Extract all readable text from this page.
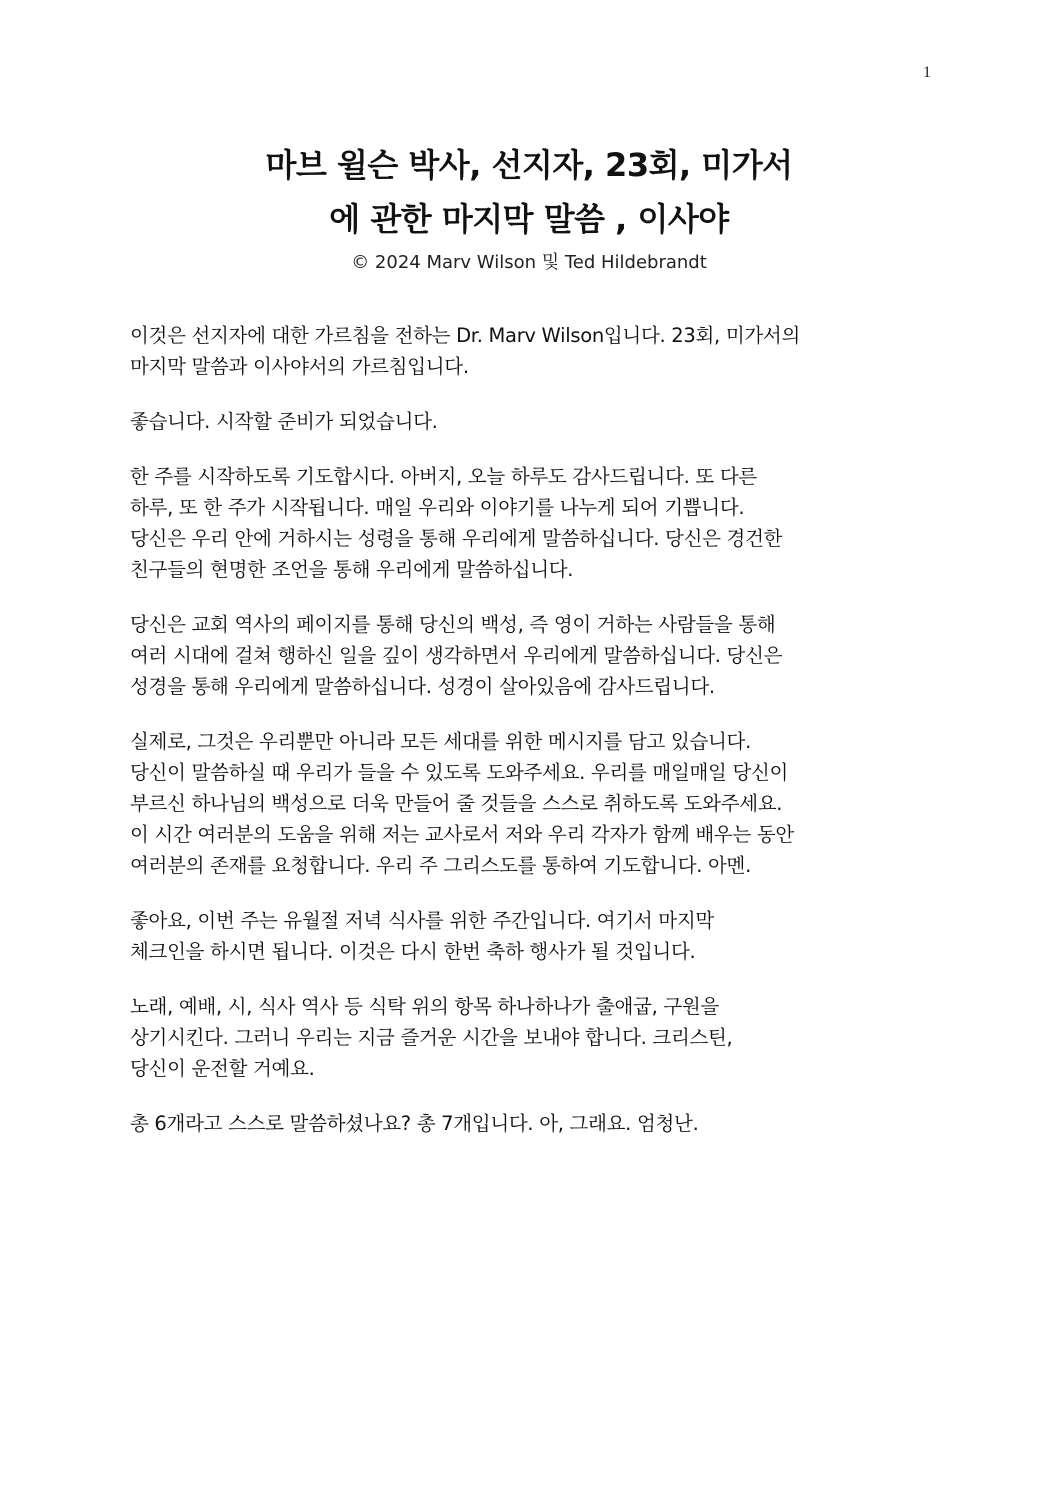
1
마브 윌슨 박사, 선지자, 23회, 미가서
에 관한 마지막 말씀 , 이사야
© 2024 Marv Wilson 및 Ted Hildebrandt

이것은 선지자에 대한 가르침을 전하는 Dr. Marv Wilson입니다. 23회, 미가서의
마지막 말씀과 이사야서의 가르침입니다.

좋습니다. 시작할 준비가 되었습니다.

한 주를 시작하도록 기도합시다. 아버지, 오늘 하루도 감사드립니다. 또 다른
하루, 또 한 주가 시작됩니다. 매일 우리와 이야기를 나누게 되어 기쁩니다.
당신은 우리 안에 거하시는 성령을 통해 우리에게 말씀하십니다. 당신은 경건한
친구들의 현명한 조언을 통해 우리에게 말씀하십니다.

당신은 교회 역사의 페이지를 통해 당신의 백성, 즉 영이 거하는 사람들을 통해
여러 시대에 걸쳐 행하신 일을 깊이 생각하면서 우리에게 말씀하십니다. 당신은
성경을 통해 우리에게 말씀하십니다. 성경이 살아있음에 감사드립니다.

실제로, 그것은 우리뿐만 아니라 모든 세대를 위한 메시지를 담고 있습니다.
당신이 말씀하실 때 우리가 들을 수 있도록 도와주세요. 우리를 매일매일 당신이
부르신 하나님의 백성으로 더욱 만들어 줄 것들을 스스로 취하도록 도와주세요.
이 시간 여러분의 도움을 위해 저는 교사로서 저와 우리 각자가 함께 배우는 동안
여러분의 존재를 요청합니다. 우리 주 그리스도를 통하여 기도합니다. 아멘.

좋아요, 이번 주는 유월절 저녁 식사를 위한 주간입니다. 여기서 마지막
체크인을 하시면 됩니다. 이것은 다시 한번 축하 행사가 될 것입니다.

노래, 예배, 시, 식사 역사 등 식탁 위의 항목 하나하나가 출애굽, 구원을
상기시킨다. 그러니 우리는 지금 즐거운 시간을 보내야 합니다. 크리스틴,
당신이 운전할 거예요.

총 6개라고 스스로 말씀하셨나요? 총 7개입니다. 아, 그래요. 엄청난.
